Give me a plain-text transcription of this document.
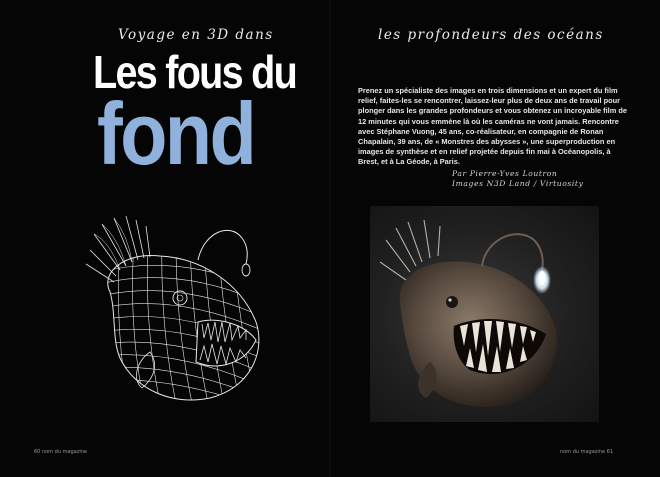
Voyage en 3D dans	les profondeurs des océans
Les fous du
fond	Prenez un spécialiste des images en trois dimensions et un expert du film relief, faites-les se rencontrer, laissez-leur plus de deux ans de travail pour plonger dans les grandes profondeurs et vous obtenez un incroyable film de 12 minutes qui vous emmène là où les caméras ne vont jamais. Rencontre avec Stéphane Vuong, 45 ans, co-réalisateur, en compagnie de Ronan Chapalain, 39 ans, de « Monstres des abysses », une superproduction en images de synthèse et en relief projetée depuis fin mai à Océanopolis, à Brest, et à La Géode, à Paris.

Par Pierre-Yves Loutron
Images N3D Land / Virtuosity
60 nom du magazine	nom du magazine 61
